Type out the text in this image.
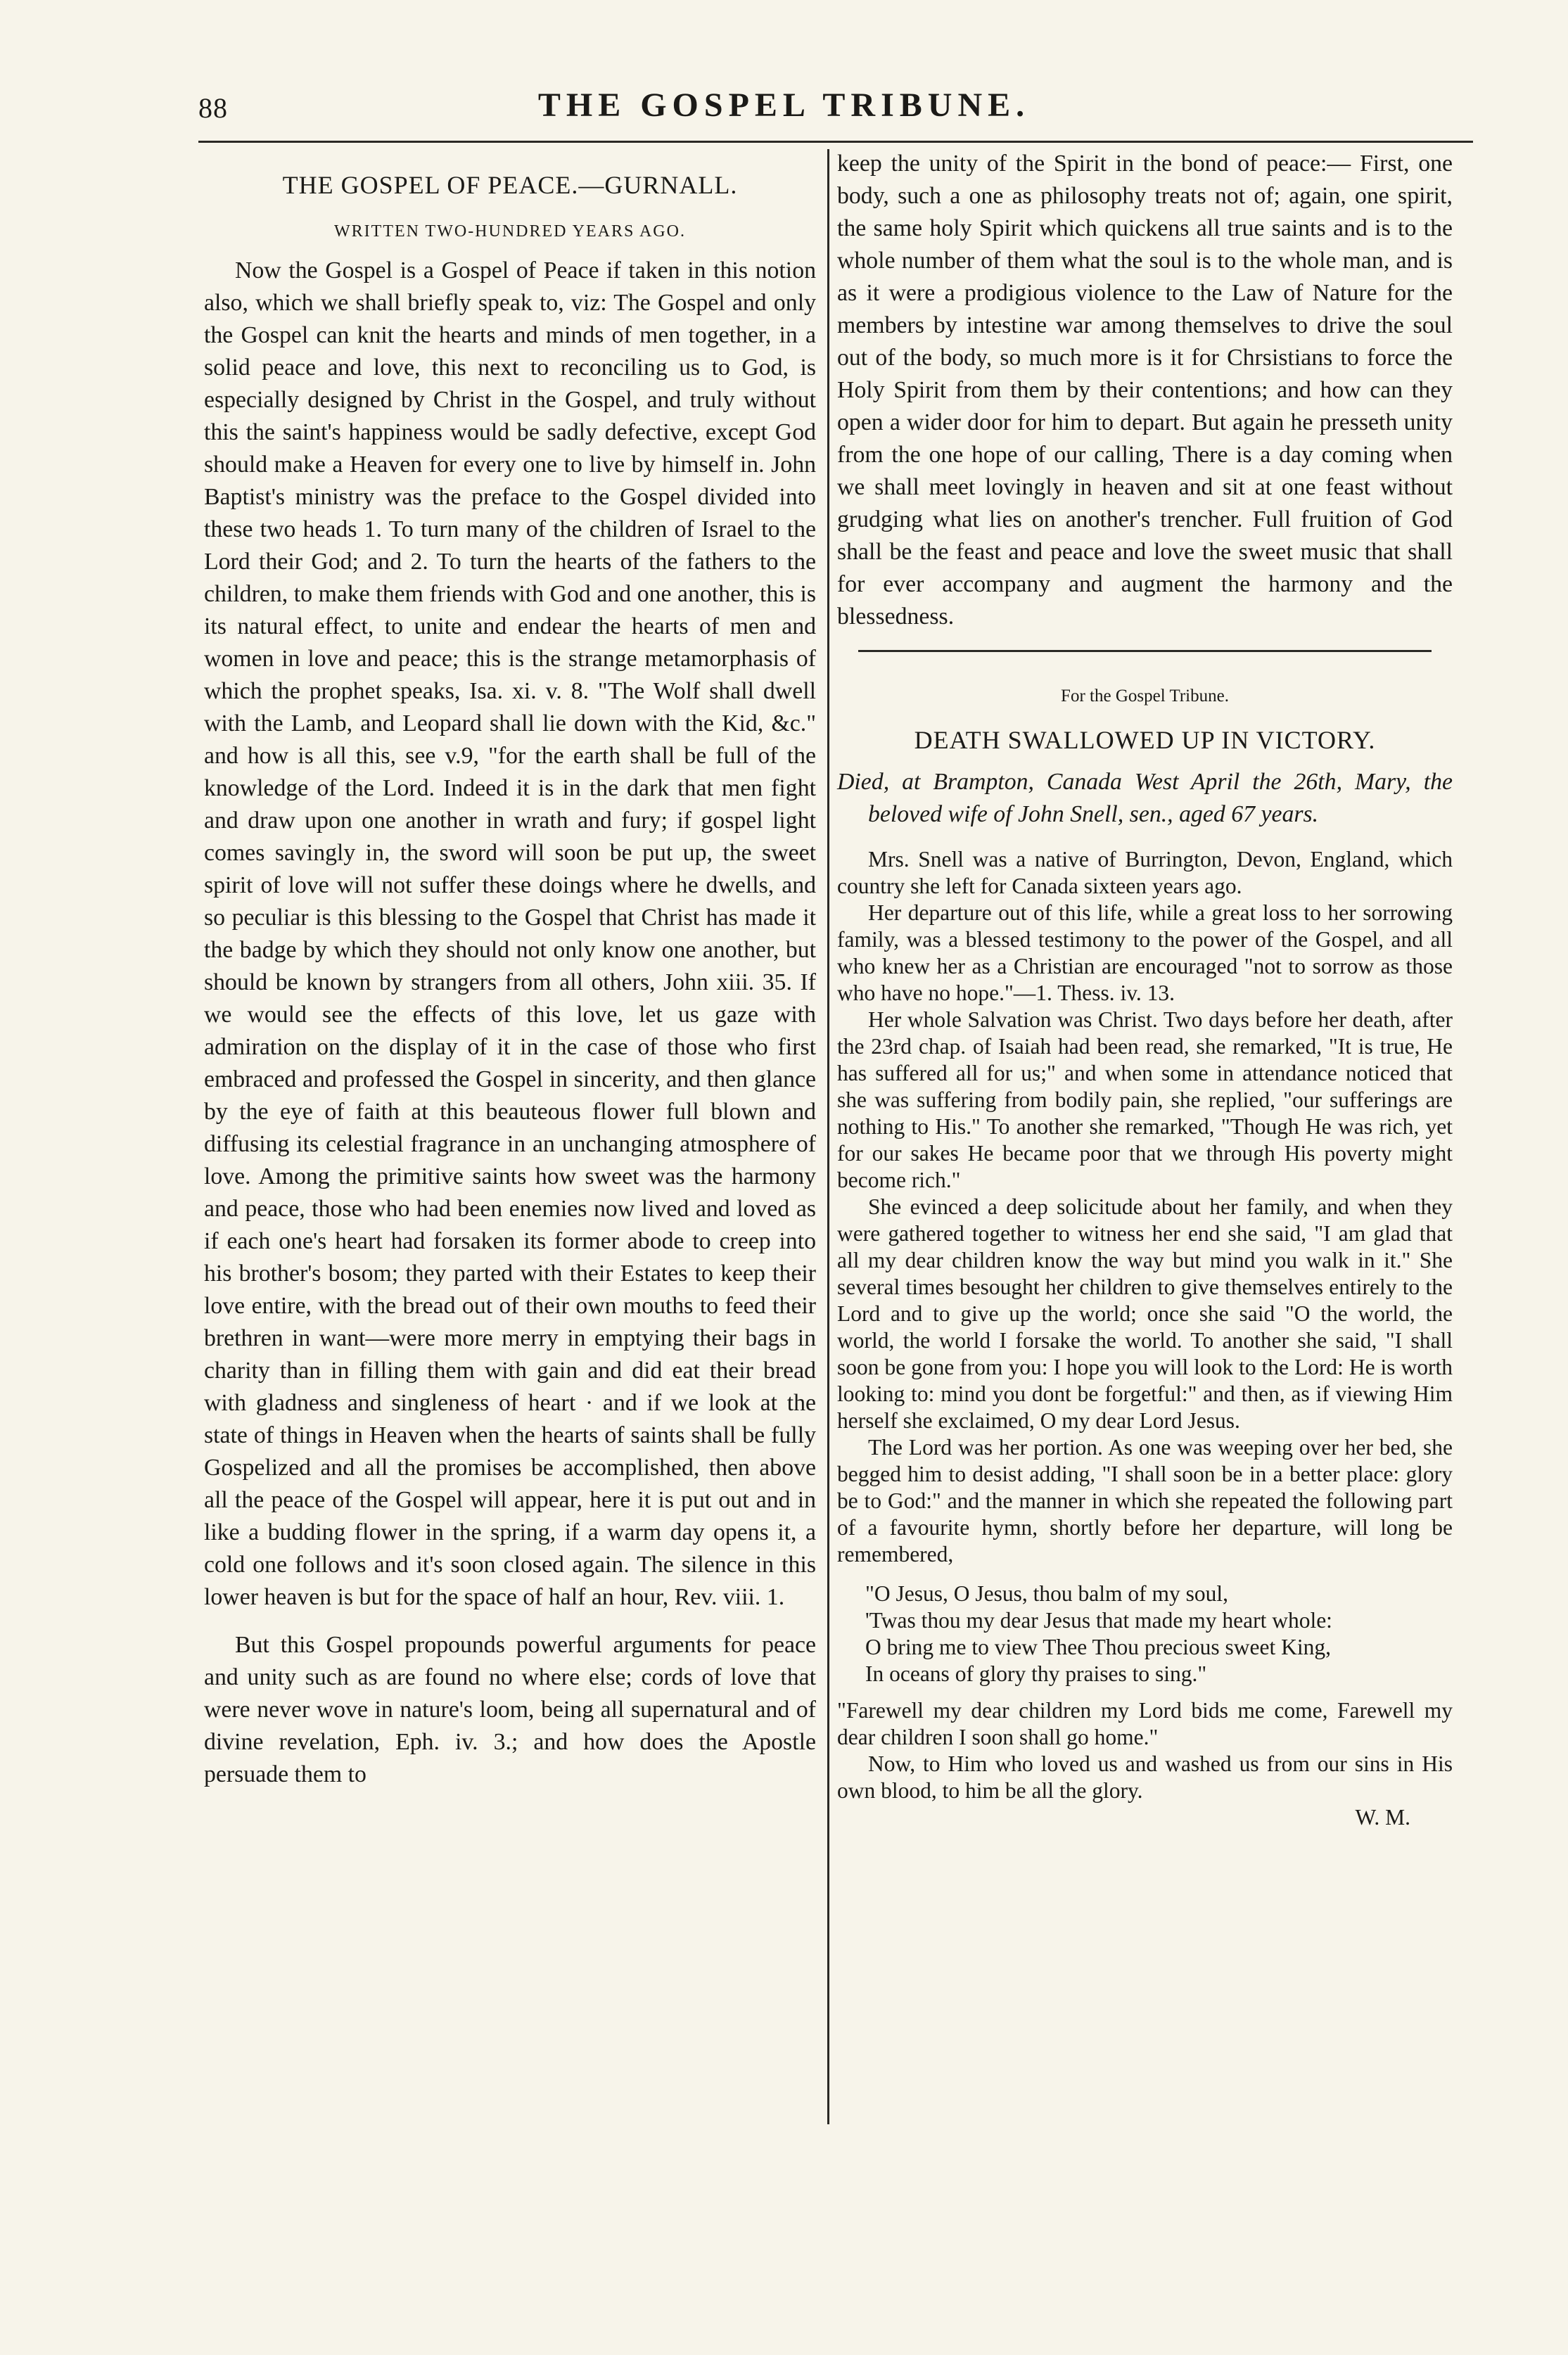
88	THE GOSPEL TRIBUNE.
THE GOSPEL OF PEACE.—GURNALL.
WRITTEN TWO-HUNDRED YEARS AGO.

Now the Gospel is a Gospel of Peace if taken in this notion also, which we shall briefly speak to, viz: The Gospel and only the Gospel can knit the hearts and minds of men together, in a solid peace and love, this next to reconciling us to God, is especially designed by Christ in the Gospel, and truly without this the saint's happiness would be sadly defective, except God should make a Heaven for every one to live by himself in. John Baptist's ministry was the preface to the Gospel divided into these two heads 1. To turn many of the children of Israel to the Lord their God; and 2. To turn the hearts of the fathers to the children, to make them friends with God and one another, this is its natural effect, to unite and endear the hearts of men and women in love and peace; this is the strange metamorphasis of which the prophet speaks, Isa. xi. v. 8. "The Wolf shall dwell with the Lamb, and Leopard shall lie down with the Kid, &c." and how is all this, see v.9, "for the earth shall be full of the knowledge of the Lord. Indeed it is in the dark that men fight and draw upon one another in wrath and fury; if gospel light comes savingly in, the sword will soon be put up, the sweet spirit of love will not suffer these doings where he dwells, and so peculiar is this blessing to the Gospel that Christ has made it the badge by which they should not only know one another, but should be known by strangers from all others, John xiii. 35. If we would see the effects of this love, let us gaze with admiration on the display of it in the case of those who first embraced and professed the Gospel in sincerity, and then glance by the eye of faith at this beauteous flower full blown and diffusing its celestial fragrance in an unchanging atmosphere of love. Among the primitive saints how sweet was the harmony and peace, those who had been enemies now lived and loved as if each one's heart had forsaken its former abode to creep into his brother's bosom; they parted with their Estates to keep their love entire, with the bread out of their own mouths to feed their brethren in want—were more merry in emptying their bags in charity than in filling them with gain and did eat their bread with gladness and singleness of heart · and if we look at the state of things in Heaven when the hearts of saints shall be fully Gospelized and all the promises be accomplished, then above all the peace of the Gospel will appear, here it is put out and in like a budding flower in the spring, if a warm day opens it, a cold one follows and it's soon closed again. The silence in this lower heaven is but for the space of half an hour, Rev. viii. 1.

But this Gospel propounds powerful arguments for peace and unity such as are found no where else; cords of love that were never wove in nature's loom, being all supernatural and of divine revelation, Eph. iv. 3.; and how does the Apostle persuade them to

keep the unity of the Spirit in the bond of peace:— First, one body, such a one as philosophy treats not of; again, one spirit, the same holy Spirit which quickens all true saints and is to the whole number of them what the soul is to the whole man, and is as it were a prodigious violence to the Law of Nature for the members by intestine war among themselves to drive the soul out of the body, so much more is it for Chrsistians to force the Holy Spirit from them by their contentions; and how can they open a wider door for him to depart. But again he presseth unity from the one hope of our calling, There is a day coming when we shall meet lovingly in heaven and sit at one feast without grudging what lies on another's trencher. Full fruition of God shall be the feast and peace and love the sweet music that shall for ever accompany and augment the harmony and the blessedness.

For the Gospel Tribune.
DEATH SWALLOWED UP IN VICTORY.

Died, at Brampton, Canada West April the 26th, Mary, the beloved wife of John Snell, sen., aged 67 years.

Mrs. Snell was a native of Burrington, Devon, England, which country she left for Canada sixteen years ago.

Her departure out of this life, while a great loss to her sorrowing family, was a blessed testimony to the power of the Gospel, and all who knew her as a Christian are encouraged "not to sorrow as those who have no hope."—1. Thess. iv. 13.

Her whole Salvation was Christ. Two days before her death, after the 23rd chap. of Isaiah had been read, she remarked, "It is true, He has suffered all for us;" and when some in attendance noticed that she was suffering from bodily pain, she replied, "our sufferings are nothing to His." To another she remarked, "Though He was rich, yet for our sakes He became poor that we through His poverty might become rich."

She evinced a deep solicitude about her family, and when they were gathered together to witness her end she said, "I am glad that all my dear children know the way but mind you walk in it." She several times besought her children to give themselves entirely to the Lord and to give up the world; once she said "O the world, the world, the world I forsake the world. To another she said, "I shall soon be gone from you: I hope you will look to the Lord: He is worth looking to: mind you dont be forgetful:" and then, as if viewing Him herself she exclaimed, O my dear Lord Jesus.

The Lord was her portion. As one was weeping over her bed, she begged him to desist adding, "I shall soon be in a better place: glory be to God:" and the manner in which she repeated the following part of a favourite hymn, shortly before her departure, will long be remembered,

"O Jesus, O Jesus, thou balm of my soul,
'Twas thou my dear Jesus that made my heart whole:
O bring me to view Thee Thou precious sweet King,
In oceans of glory thy praises to sing."

"Farewell my dear children my Lord bids me come, Farewell my dear children I soon shall go home."

Now, to Him who loved us and washed us from our sins in His own blood, to him be all the glory.

W. M.
